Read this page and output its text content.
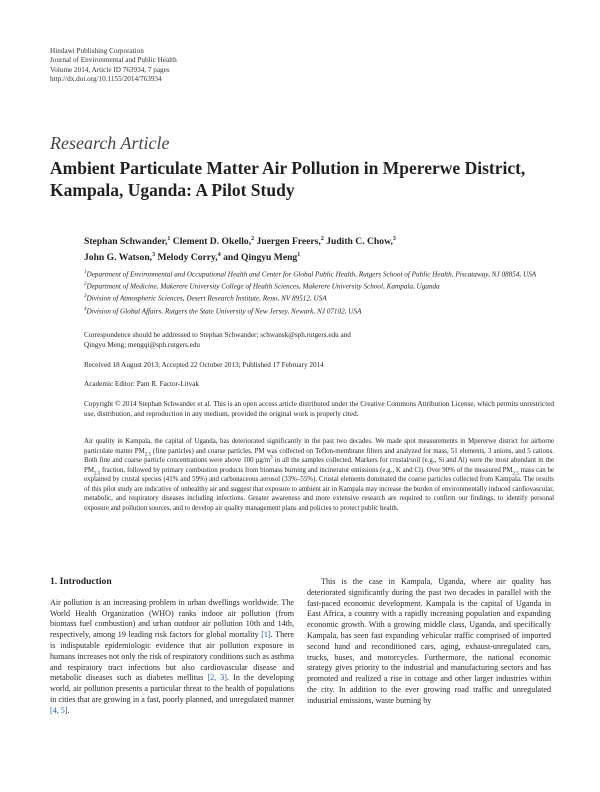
Hindawi Publishing Corporation
Journal of Environmental and Public Health
Volume 2014, Article ID 763934, 7 pages
http://dx.doi.org/10.1155/2014/763934
Research Article
Ambient Particulate Matter Air Pollution in Mpererwe District, Kampala, Uganda: A Pilot Study
Stephan Schwander,$^1$ Clement D. Okello,$^2$ Juergen Freers,$^2$ Judith C. Chow,$^3$
John G. Watson,$^3$ Melody Corry,$^4$ and Qingyu Meng$^1$
$^1$Department of Environmental and Occupational Health and Center for Global Public Health, Rutgers School of Public Health, Piscataway, NJ 08854, USA
$^2$Department of Medicine, Makerere University College of Health Sciences, Makerere University School, Kampala, Uganda
$^3$Division of Atmospheric Sciences, Desert Research Institute, Reno, NV 89512, USA
$^4$Division of Global Affairs, Rutgers the State University of New Jersey, Newark, NJ 07102, USA
Correspondence should be addressed to Stephan Schwander; schwansk@sph.rutgers.edu and
Qingyu Meng; mengqi@sph.rutgers.edu
Received 18 August 2013; Accepted 22 October 2013; Published 17 February 2014
Academic Editor: Pam R. Factor-Litvak
Copyright © 2014 Stephan Schwander et al. This is an open access article distributed under the Creative Commons Attribution License, which permits unrestricted use, distribution, and reproduction in any medium, provided the original work is properly cited.
Air quality in Kampala, the capital of Uganda, has deteriorated significantly in the past two decades. We made spot measurements in Mpererwe district for airborne particulate matter $PM_{2.5}$ (fine particles) and coarse particles. PM was collected on Teflon-membrane filters and analyzed for mass, 51 elements, 3 anions, and 5 cations. Both fine and coarse particle concentrations were above 100 $\mu g/m^3$ in all the samples collected. Markers for crustal/soil (e.g., Si and Al) were the most abundant in the $PM_{2.5}$ fraction, followed by primary combustion products from biomass burning and incinerator emissions (e.g., K and Cl). Over 90% of the measured $PM_{2.5}$ mass can be explained by crustal species (41% and 59%) and carbonaceous aerosol (33%–55%). Crustal elements dominated the coarse particles collected from Kampala. The results of this pilot study are indicative of unhealthy air and suggest that exposure to ambient air in Kampala may increase the burden of environmentally induced cardiovascular, metabolic, and respiratory diseases including infections. Greater awareness and more extensive research are required to confirm our findings, to identify personal exposure and pollution sources, and to develop air quality management plans and policies to protect public health.
1. Introduction
Air pollution is an increasing problem in urban dwellings worldwide. The World Health Organization (WHO) ranks indoor air pollution (from biomass fuel combustion) and urban outdoor air pollution 10th and 14th, respectively, among 19 leading risk factors for global mortality [1]. There is indisputable epidemiologic evidence that air pollution exposure in humans increases not only the risk of respiratory conditions such as asthma and respiratory tract infections but also cardiovascular disease and metabolic diseases such as diabetes mellitus [2, 3]. In the developing world, air pollution presents a particular threat to the health of populations in cities that are growing in a fast, poorly planned, and unregulated manner [4, 5].
This is the case in Kampala, Uganda, where air quality has deteriorated significantly during the past two decades in parallel with the fast-paced economic development. Kampala is the capital of Uganda in East Africa, a country with a rapidly increasing population and expanding economic growth. With a growing middle class, Uganda, and specifically Kampala, has seen fast expanding vehicular traffic comprised of imported second hand and reconditioned cars, aging, exhaust-unregulated cars, trucks, buses, and motorcycles. Furthermore, the national economic strategy gives priority to the industrial and manufacturing sectors and has promoted and realized a rise in cottage and other larger industries within the city. In addition to the ever growing road traffic and unregulated industrial emissions, waste burning by
